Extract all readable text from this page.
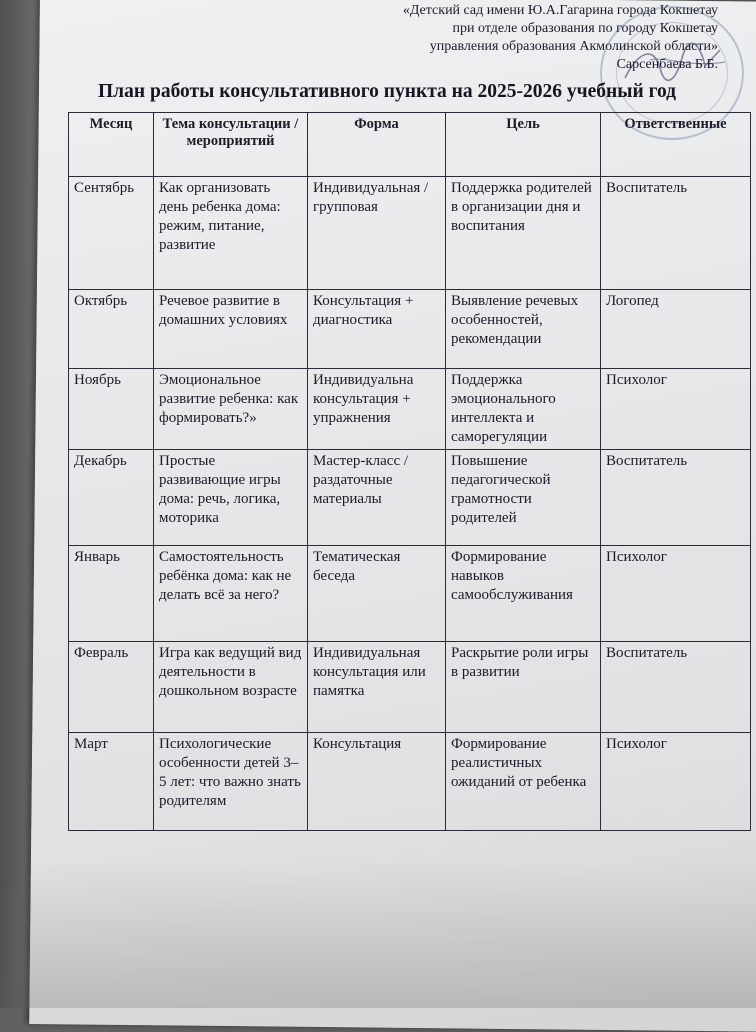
«Детский сад имени Ю.А.Гагарина города Кокшетау
при отделе образования по городу Кокшетау
управления образования Акмолинской области»
Сарсенбаева Б.Б.
План работы консультативного пункта на 2025-2026 учебный год
Месяц	Тема консультации / мероприятий	Форма	Цель	Ответственные
Сентябрь	Как организовать день ребенка дома: режим, питание, развитие	Индивидуальная / групповая	Поддержка родителей в организации дня и воспитания	Воспитатель
Октябрь	Речевое развитие в домашних условиях	Консультация + диагностика	Выявление речевых особенностей, рекомендации	Логопед
Ноябрь	Эмоциональное развитие ребенка: как формировать?»	Индивидуальна консультация + упражнения	Поддержка эмоционального интеллекта и саморегуляции	Психолог
Декабрь	Простые развивающие игры дома: речь, логика, моторика	Мастер-класс / раздаточные материалы	Повышение педагогической грамотности родителей	Воспитатель
Январь	Самостоятельность ребёнка дома: как не делать всё за него?	Тематическая беседа	Формирование навыков самообслуживания	Психолог
Февраль	Игра как ведущий вид деятельности в дошкольном возрасте	Индивидуальная консультация или памятка	Раскрытие роли игры в развитии	Воспитатель
Март	Психологические особенности детей 3–5 лет: что важно знать родителям	Консультация	Формирование реалистичных ожиданий от ребенка	Психолог
